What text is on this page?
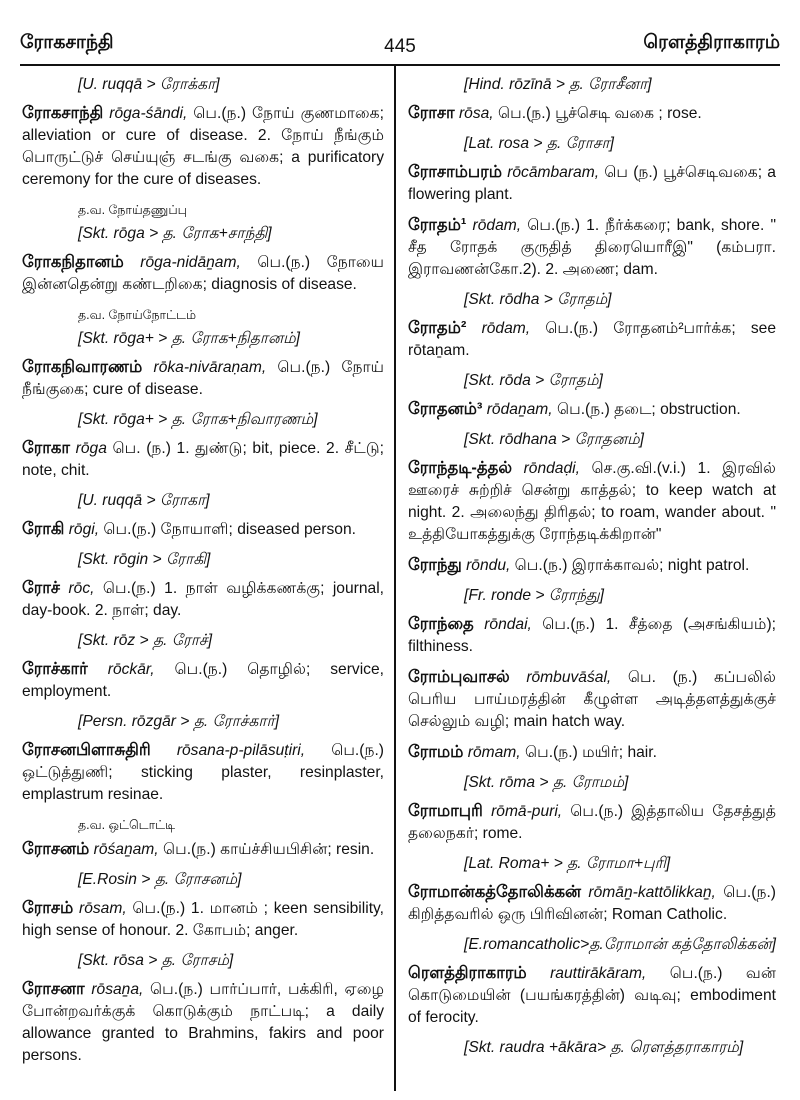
ரோகசாந்தி	445	ரௌத்திராகாரம்
[U. ruqqā > ரோக்கா]
ரோகசாந்தி rōga-śāndi, பெ.(ந.) நோய் குணமாகை; alleviation or cure of disease. 2. நோய் நீங்கும் பொருட்டுச் செய்யுஞ் சடங்கு வகை; a purificatory ceremony for the cure of diseases.
த.வ. நோய்தணுப்பு
[Skt. rōga > த. ரோக+சாந்தி]
ரோகநிதானம் rōga-nidāṉam, பெ.(ந.) நோயை இன்னதென்று கண்டறிகை; diagnosis of disease.
த.வ. நோய்நோட்டம்
[Skt. rōga+ > த. ரோக+நிதானம்]
ரோகநிவாரணம் rōka-nivāraṇam, பெ.(ந.) நோய் நீங்குகை; cure of disease.
[Skt. rōga+ > த. ரோக+நிவாரணம்]
ரோகா rōga பெ. (ந.) 1. துண்டு; bit, piece. 2. சீட்டு; note, chit.
[U. ruqqā > ரோகா]
ரோகி rōgi, பெ.(ந.) நோயாளி; diseased person.
[Skt. rōgin > ரோகி]
ரோச் rōc, பெ.(ந.) 1. நாள் வழிக்கணக்கு; journal, day-book. 2. நாள்; day.
[Skt. rōz > த. ரோச்]
ரோச்கார் rōckār, பெ.(ந.) தொழில்; service, employment.
[Persn. rōzgār > த. ரோச்கார்]
ரோசனபிளாசுதிரி rōsana-p-pilāsuṭiri, பெ.(ந.) ஒட்டுத்துணி; sticking plaster, resinplaster, emplastrum resinae.
த.வ. ஒட்டொட்டி
ரோசனம் rōśaṉam, பெ.(ந.) காய்ச்சியபிசின்; resin.
[E.Rosin > த. ரோசனம்]
ரோசம் rōsam, பெ.(ந.) 1. மானம் ; keen sensibility, high sense of honour. 2. கோபம்; anger.
[Skt. rōsa > த. ரோசம்]
ரோசனா rōsaṉa, பெ.(ந.) பார்ப்பார், பக்கிரி, ஏழை போன்றவர்க்குக் கொடுக்கும் நாட்படி; a daily allowance granted to Brahmins, fakirs and poor persons.
[Hind. rōzīnā > த. ரோசீனா]
ரோசா rōsa, பெ.(ந.) பூச்செடி வகை ; rose.
[Lat. rosa > த. ரோசா]
ரோசாம்பரம் rōcāmbaram, பெ (ந.) பூச்செடிவகை; a flowering plant.
ரோதம்¹ rōdam, பெ.(ந.) 1. நீர்க்கரை; bank, shore. " சீத ரோதக் குருதித் திரையொரீஇ" (கம்பரா. இராவணன்கோ.2). 2. அணை; dam.
[Skt. rōdha > ரோதம்]
ரோதம்² rōdam, பெ.(ந.) ரோதனம்²பார்க்க; see rōtaṉam.
[Skt. rōda > ரோதம்]
ரோதனம்³ rōdaṉam, பெ.(ந.) தடை; obstruction.
[Skt. rōdhana > ரோதனம்]
ரோந்தடி-த்தல் rōndaḍi, செ.கு.வி.(v.i.) 1. இரவில் ஊரைச் சுற்றிச் சென்று காத்தல்; to keep watch at night. 2. அலைந்து திரிதல்; to roam, wander about. " உத்தியோகத்துக்கு ரோந்தடிக்கிறான்"
ரோந்து rōndu, பெ.(ந.) இராக்காவல்; night patrol.
[Fr. ronde > ரோந்து]
ரோந்தை rōndai, பெ.(ந.) 1. சீத்தை (அசங்கியம்); filthiness.
ரோம்புவாசல் rōmbuvāśal, பெ. (ந.) கப்பலில் பெரிய பாய்மரத்தின் கீழுள்ள அடித்தளத்துக்குச் செல்லும் வழி; main hatch way.
ரோமம் rōmam, பெ.(ந.) மயிர்; hair.
[Skt. rōma > த. ரோமம்]
ரோமாபுரி rōmā-puri, பெ.(ந.) இத்தாலிய தேசத்துத் தலைநகர்; rome.
[Lat. Roma+ > த. ரோமா+புரி]
ரோமான்கத்தோலிக்கன் rōmāṉ-kattōlikkaṉ, பெ.(ந.) கிறித்தவரில் ஒரு பிரிவினன்; Roman Catholic.
[E.romancatholic>த.ரோமான் கத்தோலிக்கன்]
ரௌத்திராகாரம் rauttirākāram, பெ.(ந.) வன் கொடுமையின் (பயங்கரத்தின்) வடிவு; embodiment of ferocity.
[Skt. raudra +ākāra> த. ரௌத்தராகாரம்]
